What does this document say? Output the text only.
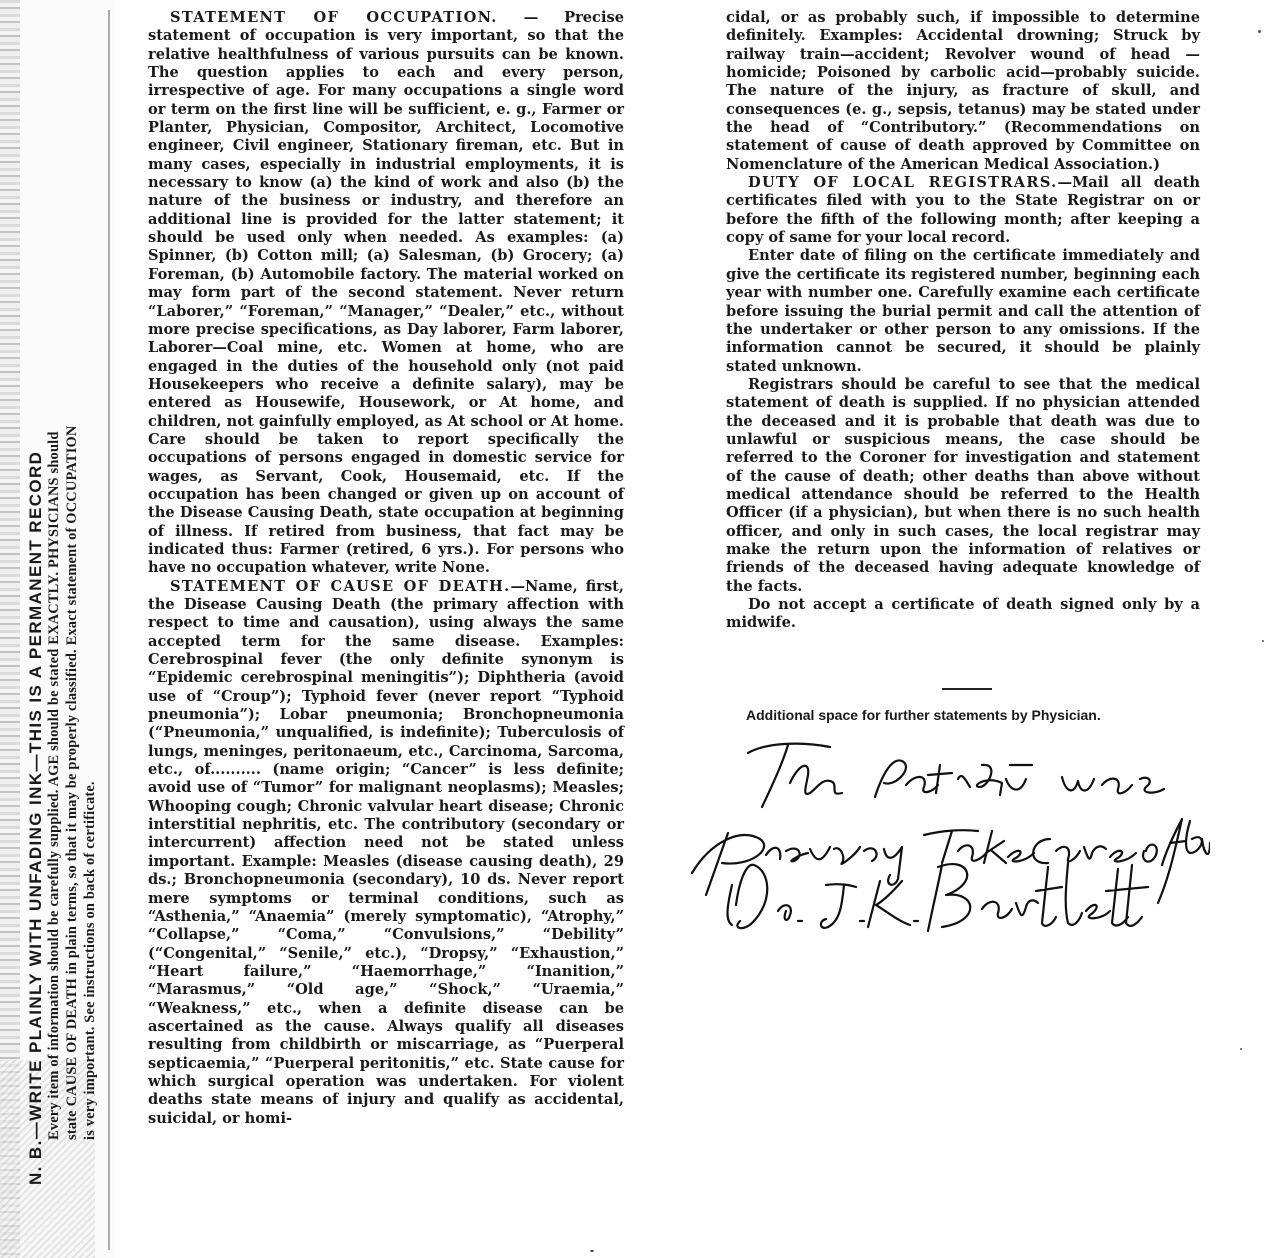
N. B.—WRITE PLAINLY WITH UNFADING INK—THIS IS A PERMANENT RECORD Every item of information should be carefully supplied. AGE should be stated EXACTLY. PHYSICIANS should state CAUSE OF DEATH in plain terms, so that it may be properly classified. Exact statement of OCCUPATION is very important. See instructions on back of certificate.

STATEMENT OF OCCUPATION. — Precise statement of occupation is very important, so that the relative healthfulness of various pursuits can be known. The question applies to each and every person, irrespective of age. For many occupations a single word or term on the first line will be sufficient, e. g., Farmer or Planter, Physician, Compositor, Architect, Locomotive engineer, Civil engineer, Stationary fireman, etc. But in many cases, especially in industrial employments, it is necessary to know (a) the kind of work and also (b) the nature of the business or industry, and therefore an additional line is provided for the latter statement; it should be used only when needed. As examples: (a) Spinner, (b) Cotton mill; (a) Salesman, (b) Grocery; (a) Foreman, (b) Automobile factory. The material worked on may form part of the second statement. Never return “Laborer,” “Foreman,” “Manager,” “Dealer,” etc., without more precise specifications, as Day laborer, Farm laborer, Laborer—Coal mine, etc. Women at home, who are engaged in the duties of the household only (not paid Housekeepers who receive a definite salary), may be entered as Housewife, Housework, or At home, and children, not gainfully employed, as At school or At home. Care should be taken to report specifically the occupations of persons engaged in domestic service for wages, as Servant, Cook, Housemaid, etc. If the occupation has been changed or given up on account of the Disease Causing Death, state occupation at beginning of illness. If retired from business, that fact may be indicated thus: Farmer (retired, 6 yrs.). For persons who have no occupation whatever, write None.

STATEMENT OF CAUSE OF DEATH.—Name, first, the Disease Causing Death (the primary affection with respect to time and causation), using always the same accepted term for the same disease. Examples: Cerebrospinal fever (the only definite synonym is “Epidemic cerebrospinal meningitis”); Diphtheria (avoid use of “Croup”); Typhoid fever (never report “Typhoid pneumonia”); Lobar pneumonia; Bronchopneumonia (“Pneumonia,” unqualified, is indefinite); Tuberculosis of lungs, meninges, peritonaeum, etc., Carcinoma, Sarcoma, etc., of.......... (name origin; “Cancer” is less definite; avoid use of “Tumor” for malignant neoplasms); Measles; Whooping cough; Chronic valvular heart disease; Chronic interstitial nephritis, etc. The contributory (secondary or intercurrent) affection need not be stated unless important. Example: Measles (disease causing death), 29 ds.; Bronchopneumonia (secondary), 10 ds. Never report mere symptoms or terminal conditions, such as “Asthenia,” “Anaemia” (merely symptomatic), “Atrophy,” “Collapse,” “Coma,” “Convulsions,” “Debility” (“Congenital,” “Senile,” etc.), “Dropsy,” “Exhaustion,” “Heart failure,” “Haemorrhage,” “Inanition,” “Marasmus,” “Old age,” “Shock,” “Uraemia,” “Weakness,” etc., when a definite disease can be ascertained as the cause. Always qualify all diseases resulting from childbirth or miscarriage, as “Puerperal septicaemia,” “Puerperal peritonitis,” etc. State cause for which surgical operation was undertaken. For violent deaths state means of injury and qualify as accidental, suicidal, or homi-

cidal, or as probably such, if impossible to determine definitely. Examples: Accidental drowning; Struck by railway train—accident; Revolver wound of head —homicide; Poisoned by carbolic acid—probably suicide. The nature of the injury, as fracture of skull, and consequences (e. g., sepsis, tetanus) may be stated under the head of “Contributory.” (Recommendations on statement of cause of death approved by Committee on Nomenclature of the American Medical Association.)

DUTY OF LOCAL REGISTRARS.—Mail all death certificates filed with you to the State Registrar on or before the fifth of the following month; after keeping a copy of same for your local record.

Enter date of filing on the certificate immediately and give the certificate its registered number, beginning each year with number one. Carefully examine each certificate before issuing the burial permit and call the attention of the undertaker or other person to any omissions. If the information cannot be secured, it should be plainly stated unknown.

Registrars should be careful to see that the medical statement of death is supplied. If no physician attended the deceased and it is probable that death was due to unlawful or suspicious means, the case should be referred to the Coroner for investigation and statement of the cause of death; other deaths than above without medical attendance should be referred to the Health Officer (if a physician), but when there is no such health officer, and only in such cases, the local registrar may make the return upon the information of relatives or friends of the deceased having adequate knowledge of the facts.

Do not accept a certificate of death signed only by a midwife.

Additional space for further statements by Physician.
